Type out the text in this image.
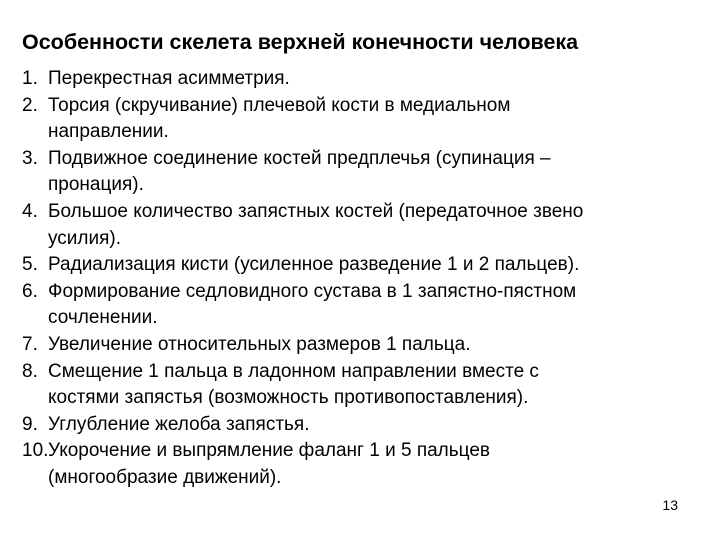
Особенности скелета верхней конечности человека
1. Перекрестная асимметрия.
2. Торсия (скручивание) плечевой кости в медиальном
направлении.
3. Подвижное соединение костей предплечья (супинация –
пронация).
4. Большое количество запястных костей (передаточное звено
усилия).
5. Радиализация кисти (усиленное разведение 1 и 2 пальцев).
6. Формирование седловидного сустава в 1 запястно-пястном
сочленении.
7. Увеличение относительных размеров 1 пальца.
8. Смещение 1 пальца в ладонном направлении вместе с
костями запястья (возможность противопоставления).
9. Углубление желоба запястья.
10. Укорочение и выпрямление фаланг 1 и 5 пальцев
(многообразие движений).
13
